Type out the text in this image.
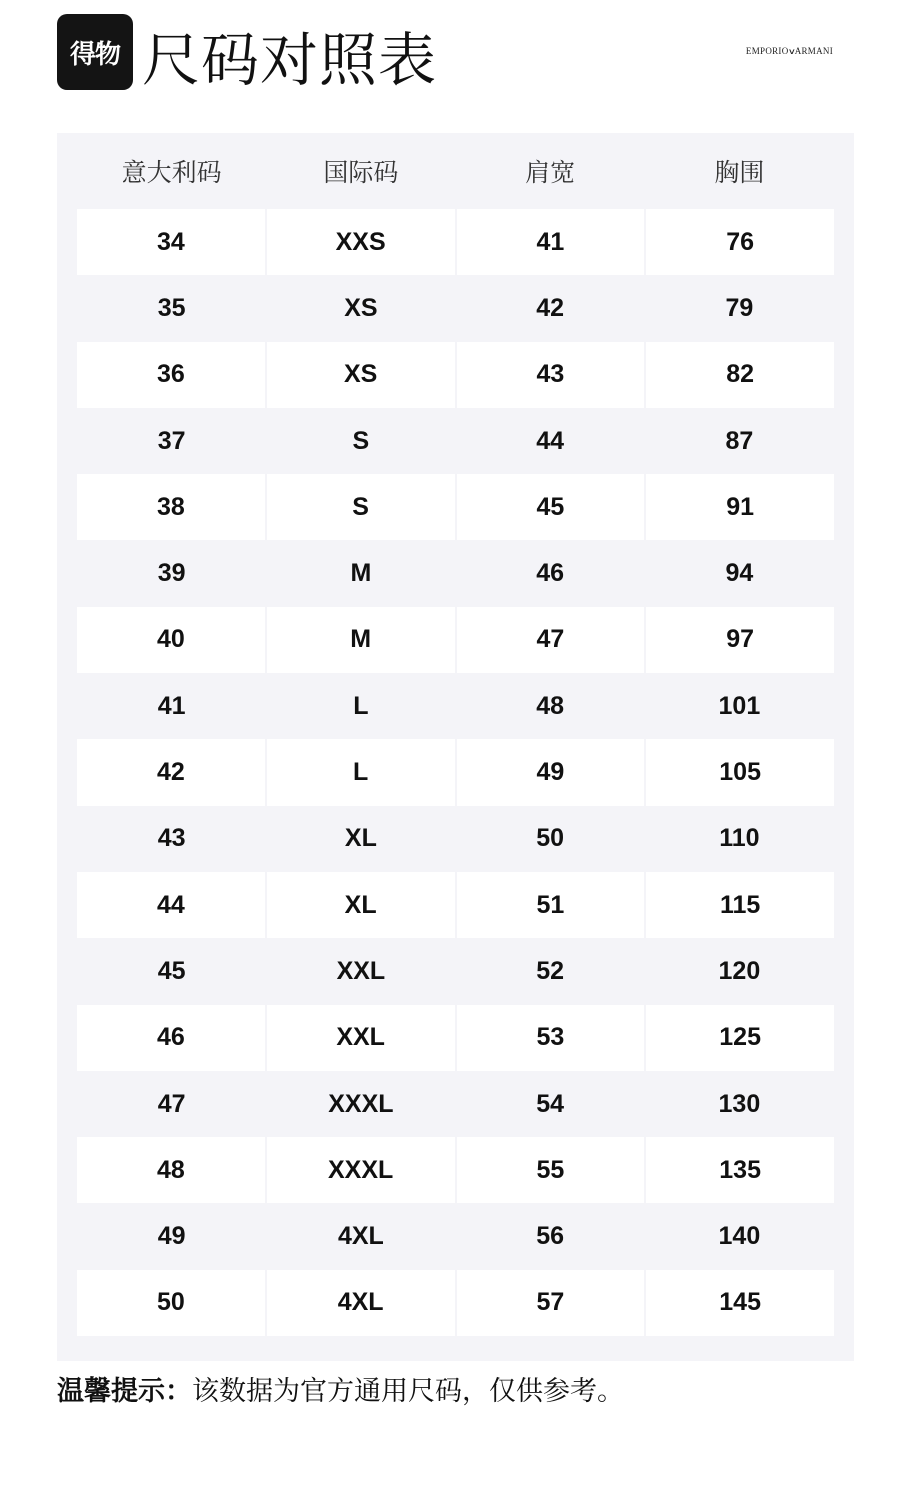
得物 尺码对照表	EMPORIO∨ARMANI
意大利码	国际码	肩宽	胸围
34	XXS	41	76
35	XS	42	79
36	XS	43	82
37	S	44	87
38	S	45	91
39	M	46	94
40	M	47	97
41	L	48	101
42	L	49	105
43	XL	50	110
44	XL	51	115
45	XXL	52	120
46	XXL	53	125
47	XXXL	54	130
48	XXXL	55	135
49	4XL	56	140
50	4XL	57	145
温馨提示：该数据为官方通用尺码，仅供参考。
